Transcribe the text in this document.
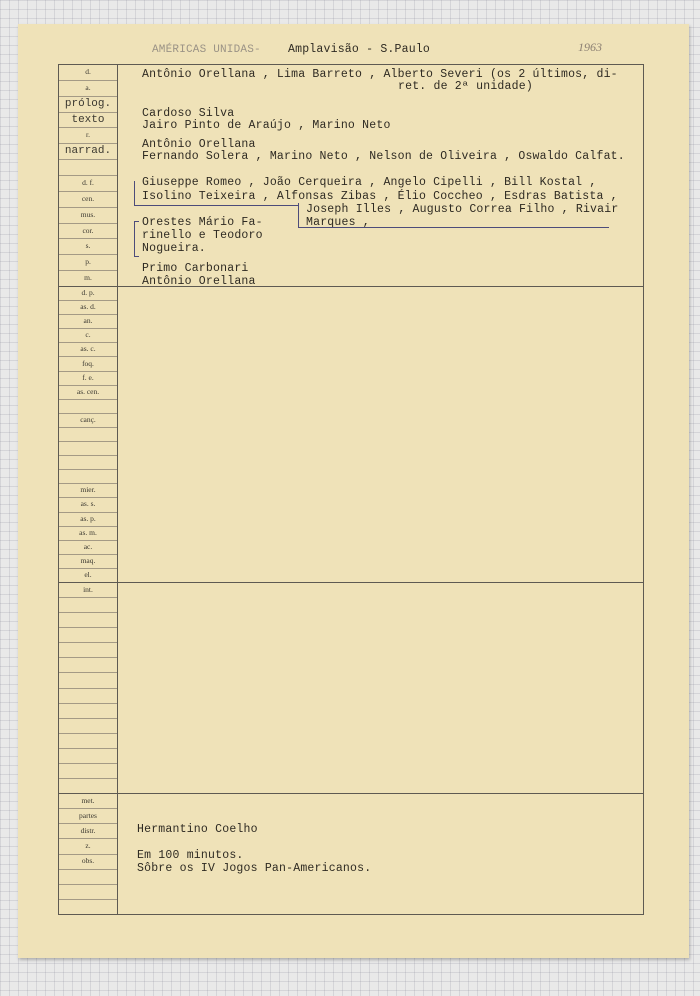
AMÉRICAS UNIDAS- Amplavisão - S.Paulo	1963
d.
a.
prólog.
texto
r.
narrad.
d. f.
cen.
mus.
cor.
s.
p.
m.
d. p.
as. d.
an.
c.
as. c.
foq.
f. e.
as. cen.
canç.
mier.
as. s.
as. p.
as. m.
ac.
maq.
el.
int.
met.
partes
distr.
z.
obs.
Antônio Orellana , Lima Barreto , Alberto Severi (os 2 últimos, di-
ret. de 2ª unidade)
Cardoso Silva
Jairo Pinto de Araújo , Marino Neto
Antônio Orellana
Fernando Solera , Marino Neto , Nelson de Oliveira , Oswaldo Calfat.
Giuseppe Romeo , João Cerqueira , Angelo Cipelli , Bill Kostal ,
Isolino Teixeira , Alfonsas Zibas , Élio Coccheo , Esdras Batista ,
Joseph Illes , Augusto Correa Filho , Rivair
Marques ,
Orestes Mário Fa-
rinello e Teodoro
Nogueira.
Primo Carbonari
Antônio Orellana
Hermantino Coelho
Em 100 minutos.
Sôbre os IV Jogos Pan-Americanos.
